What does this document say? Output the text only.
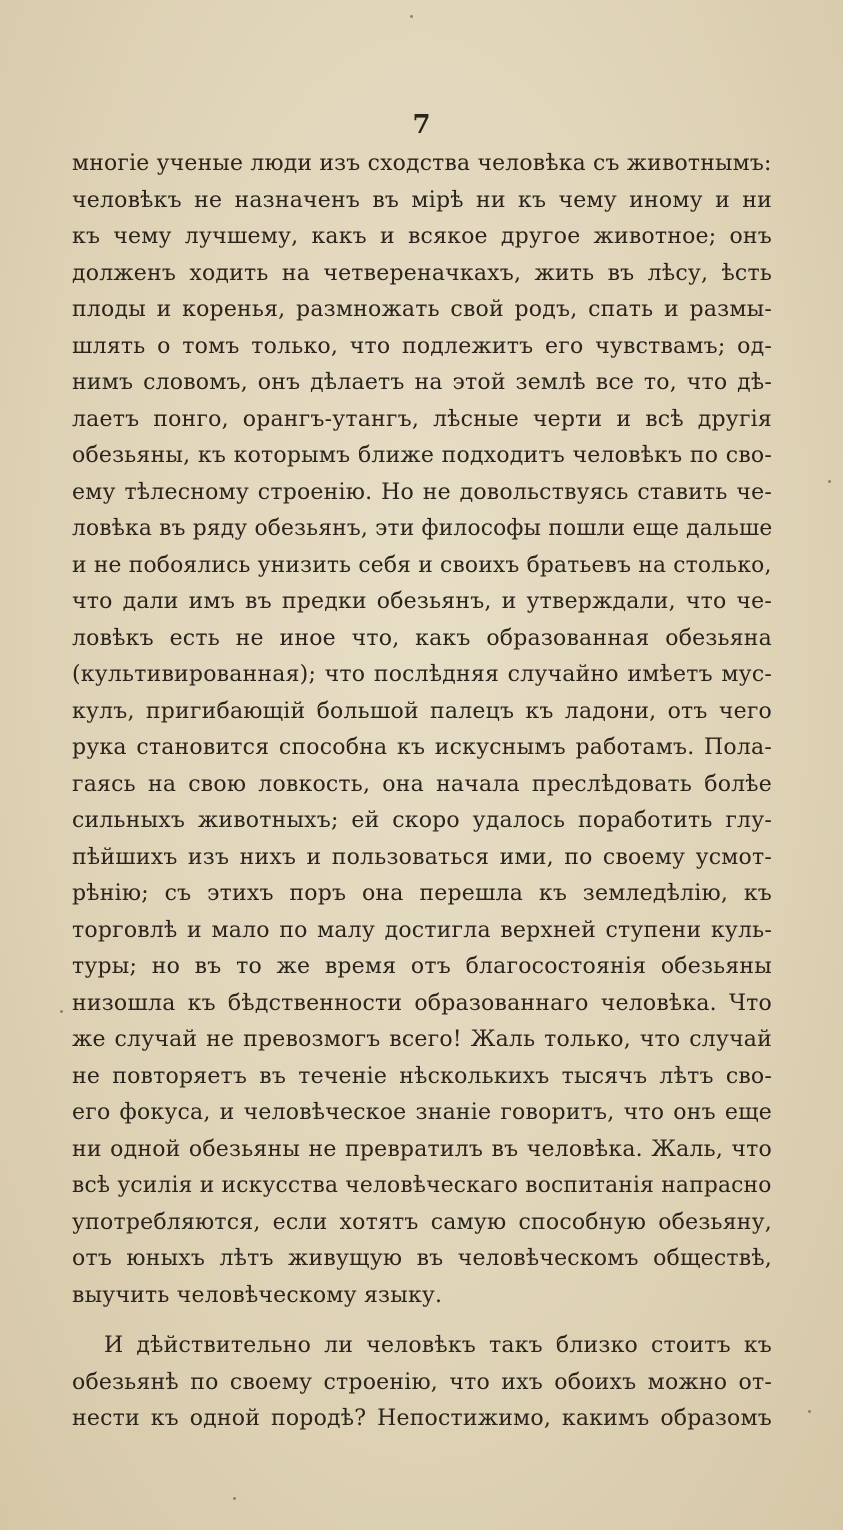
7
многіе ученые люди изъ сходства человѣка съ животнымъ:
человѣкъ не назначенъ въ мірѣ ни къ чему иному и ни
къ чему лучшему, какъ и всякое другое животное; онъ
долженъ ходить на четвереначкахъ, жить въ лѣсу, ѣсть
плоды и коренья, размножать свой родъ, спать и размы-
шлять о томъ только, что подлежитъ его чувствамъ; од-
нимъ словомъ, онъ дѣлаетъ на этой землѣ все то, что дѣ-
лаетъ понго, орангъ-утангъ, лѣсные черти и всѣ другія
обезьяны, къ которымъ ближе подходитъ человѣкъ по сво-
ему тѣлесному строенію. Но не довольствуясь ставить че-
ловѣка въ ряду обезьянъ, эти философы пошли еще дальше
и не побоялись унизить себя и своихъ братьевъ на столько,
что дали имъ въ предки обезьянъ, и утверждали, что че-
ловѣкъ есть не иное что, какъ образованная обезьяна
(культивированная); что послѣдняя случайно имѣетъ мус-
кулъ, пригибающій большой палецъ къ ладони, отъ чего
рука становится способна къ искуснымъ работамъ. Пола-
гаясь на свою ловкость, она начала преслѣдовать болѣе
сильныхъ животныхъ; ей скоро удалось поработить глу-
пѣйшихъ изъ нихъ и пользоваться ими, по своему усмот-
рѣнію; съ этихъ поръ она перешла къ земледѣлію, къ
торговлѣ и мало по малу достигла верхней ступени куль-
туры; но въ то же время отъ благосостоянія обезьяны
низошла къ бѣдственности образованнаго человѣка. Что
же случай не превозмогъ всего! Жаль только, что случай
не повторяетъ въ теченіе нѣсколькихъ тысячъ лѣтъ сво-
его фокуса, и человѣческое знаніе говоритъ, что онъ еще
ни одной обезьяны не превратилъ въ человѣка. Жаль, что
всѣ усилія и искусства человѣческаго воспитанія напрасно
употребляются, если хотятъ самую способную обезьяну,
отъ юныхъ лѣтъ живущую въ человѣческомъ обществѣ,
выучить человѣческому языку.
И дѣйствительно ли человѣкъ такъ близко стоитъ къ
обезьянѣ по своему строенію, что ихъ обоихъ можно от-
нести къ одной породѣ? Непостижимо, какимъ образомъ
